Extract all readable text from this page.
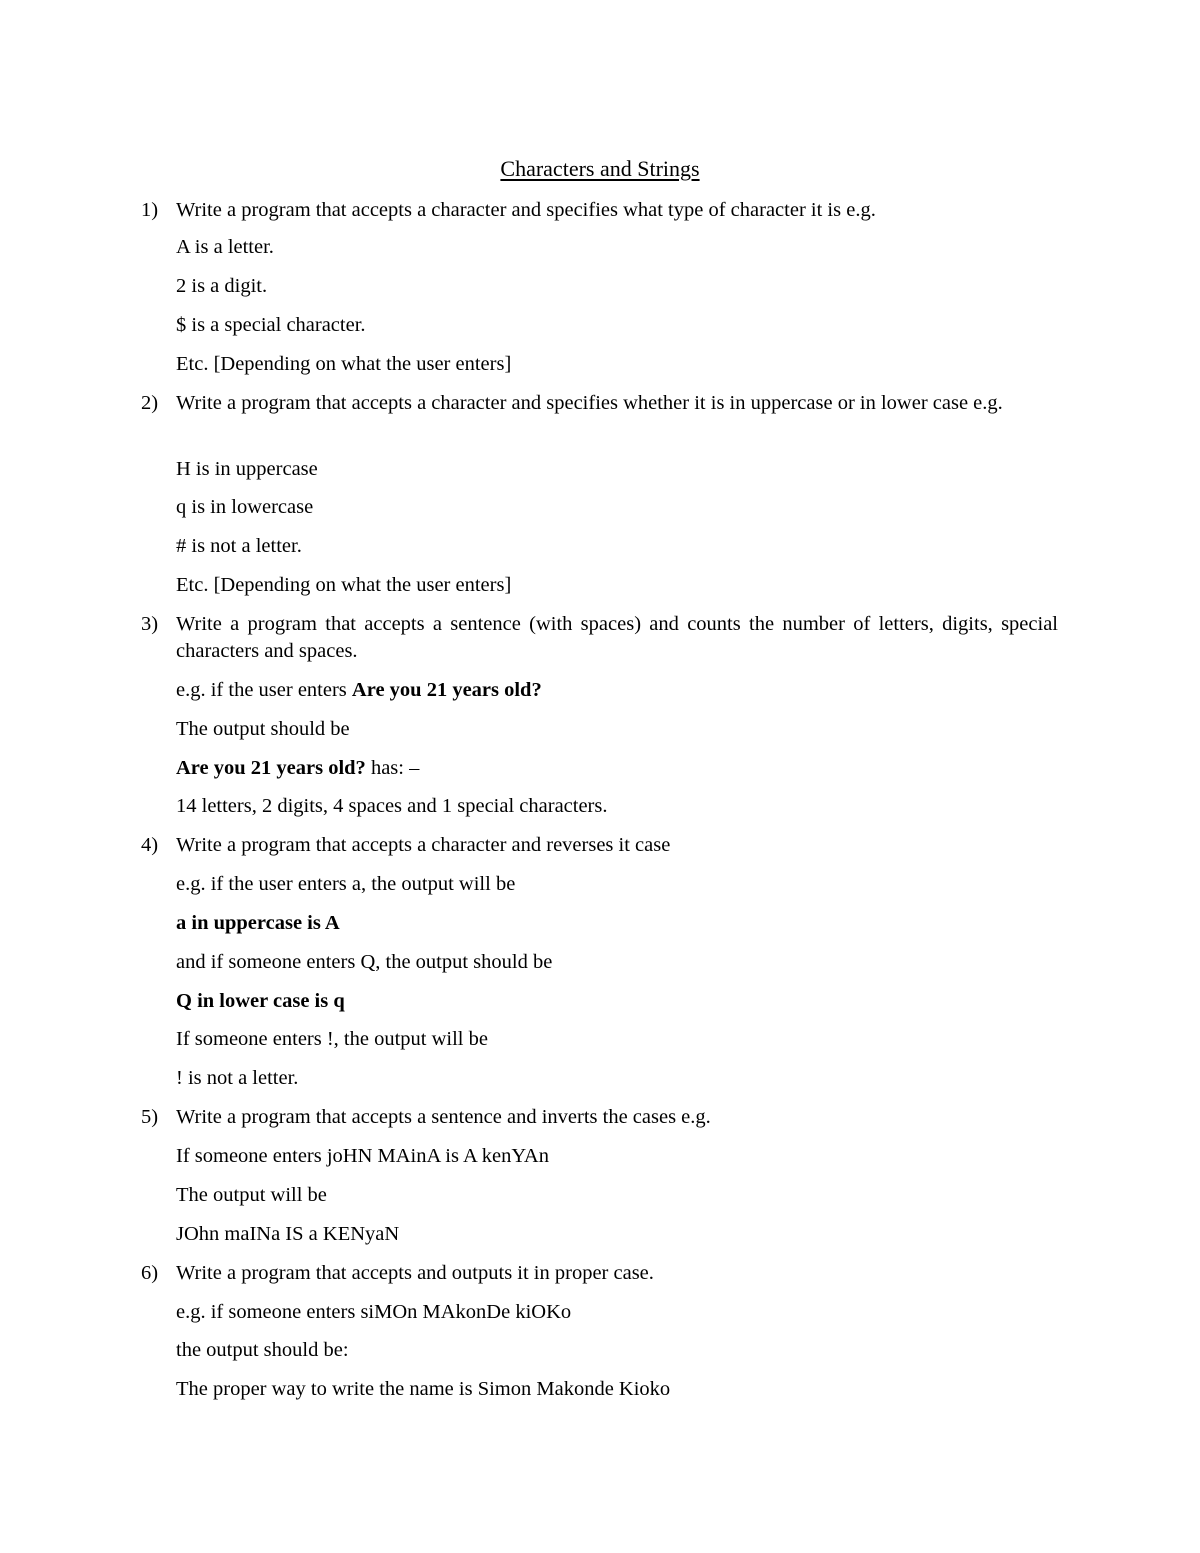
Characters and Strings
1) Write a program that accepts a character and specifies what type of character it is e.g.
A is a letter.
2 is a digit.
$ is a special character.
Etc. [Depending on what the user enters]
2) Write a program that accepts a character and specifies whether it is in uppercase or in lower case e.g.
H is in uppercase
q is in lowercase
# is not a letter.
Etc. [Depending on what the user enters]
3) Write a program that accepts a sentence (with spaces) and counts the number of letters, digits, special characters and spaces.
e.g. if the user enters Are you 21 years old?
The output should be
Are you 21 years old? has: –
14 letters, 2 digits, 4 spaces and 1 special characters.
4) Write a program that accepts a character and reverses it case
e.g. if the user enters a, the output will be
a in uppercase is A
and if someone enters Q, the output should be
Q in lower case is q
If someone enters !, the output will be
! is not a letter.
5) Write a program that accepts a sentence and inverts the cases e.g.
If someone enters joHN MAinA is A kenYAn
The output will be
JOhn maINa IS a KENyaN
6) Write a program that accepts and outputs it in proper case.
e.g. if someone enters siMOn MAkonDe kiOKo
the output should be:
The proper way to write the name is Simon Makonde Kioko
